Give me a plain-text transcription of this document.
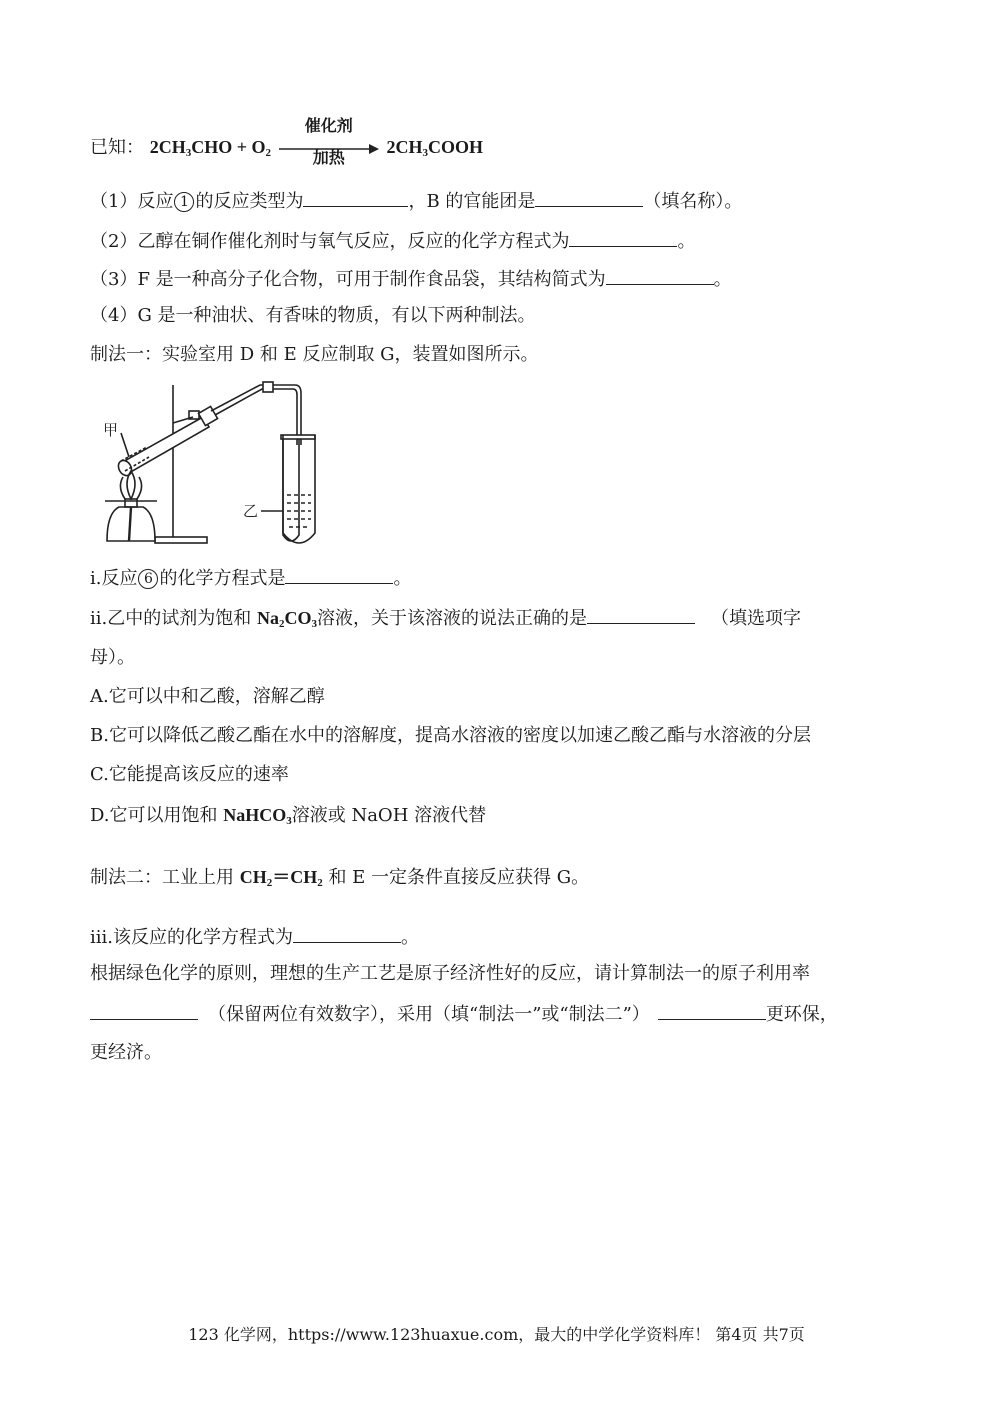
已知： $2CH_3CHO + O_2$
催化剂
加热
$2CH_3COOH$
（1）反应 1 的反应类型为	，B 的官能团是	（填名称）。
（2）乙醇在铜作催化剂时与氧气反应，反应的化学方程式为	。
（3）F 是一种高分子化合物，可用于制作食品袋，其结构简式为	。
（4）G 是一种油状、有香味的物质，有以下两种制法。
制法一：实验室用 D 和 E 反应制取 G，装置如图所示。
甲
乙
i.反应 6 的化学方程式是	。
ii.乙中的试剂为饱和 $Na_2CO_3$溶液，关于该溶液的说法正确的是	（填选项字
母）。
A.它可以中和乙酸，溶解乙醇
B.它可以降低乙酸乙酯在水中的溶解度，提高水溶液的密度以加速乙酸乙酯与水溶液的分层
C.它能提高该反应的速率
D.它可以用饱和 NaHCO$_3$溶液或 NaOH 溶液代替
制法二：工业上用 $CH_2=CH_2$ 和 E 一定条件直接反应获得 G。
iii.该反应的化学方程式为	。
根据绿色化学的原则，理想的生产工艺是原子经济性好的反应，请计算制法一的原子利用率
（保留两位有效数字），采用（填“制法一”或“制法二”）	更环保，
更经济。
123 化学网，https://www.123huaxue.com，最大的中学化学资料库！ 第4页 共7页
